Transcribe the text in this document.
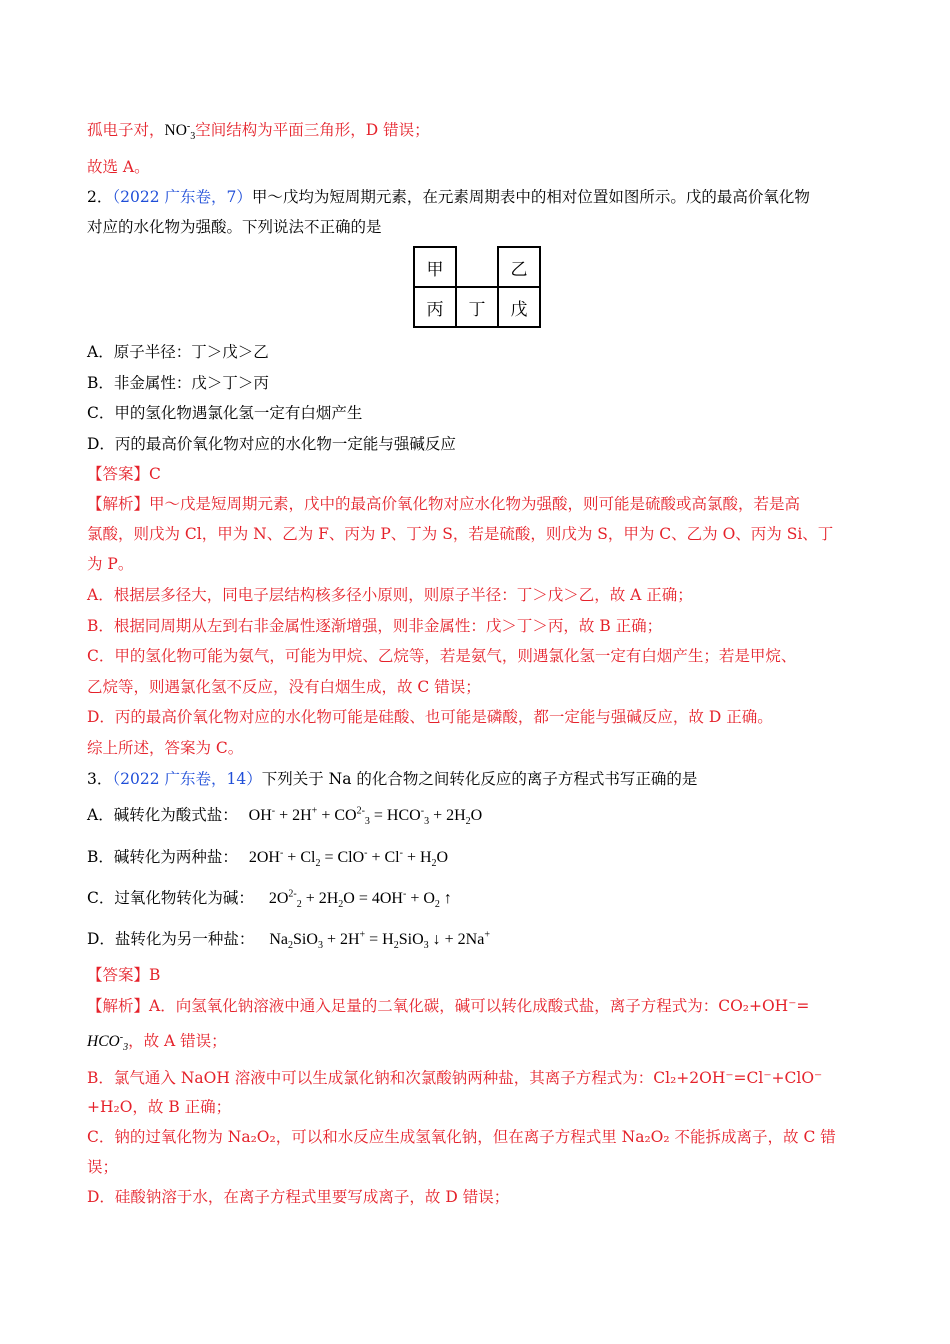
孤电子对，$NO^-_3$空间结构为平面三角形，D 错误；
故选 A。
2．（2022 广东卷，7）甲～戊均为短周期元素，在元素周期表中的相对位置如图所示。戊的最高价氧化物
对应的水化物为强酸。下列说法不正确的是
甲		乙
丙	丁	戊
A．原子半径：丁＞戊＞乙
B．非金属性：戊＞丁＞丙
C．甲的氢化物遇氯化氢一定有白烟产生
D．丙的最高价氧化物对应的水化物一定能与强碱反应
【答案】C
【解析】甲～戊是短周期元素，戊中的最高价氧化物对应水化物为强酸，则可能是硫酸或高氯酸，若是高
氯酸，则戊为 Cl，甲为 N、乙为 F、丙为 P、丁为 S，若是硫酸，则戊为 S，甲为 C、乙为 O、丙为 Si、丁
为 P。
A．根据层多径大，同电子层结构核多径小原则，则原子半径：丁＞戊＞乙，故 A 正确；
B．根据同周期从左到右非金属性逐渐增强，则非金属性：戊＞丁＞丙，故 B 正确；
C．甲的氢化物可能为氨气，可能为甲烷、乙烷等，若是氨气，则遇氯化氢一定有白烟产生；若是甲烷、
乙烷等，则遇氯化氢不反应，没有白烟生成，故 C 错误；
D．丙的最高价氧化物对应的水化物可能是硅酸、也可能是磷酸，都一定能与强碱反应，故 D 正确。
综上所述，答案为 C。
3．（2022 广东卷，14）下列关于 Na 的化合物之间转化反应的离子方程式书写正确的是
A．碱转化为酸式盐： $OH^- + 2H^+ + CO^{2-}_3 = HCO^-_3 + 2H_2O$
B．碱转化为两种盐： $2OH^- + Cl_2 = ClO^- + Cl^- + H_2O$
C．过氧化物转化为碱：  $2O^{2-}_2 + 2H_2O = 4OH^- + O_2$ ↑
D．盐转化为另一种盐：  $Na_2SiO_3 + 2H^+ = H_2SiO_3$ ↓ + 2Na+
【答案】B
【解析】A．向氢氧化钠溶液中通入足量的二氧化碳，碱可以转化成酸式盐，离子方程式为：CO₂+OH⁻=
$HCO^-_3$，故 A 错误；
B．氯气通入 NaOH 溶液中可以生成氯化钠和次氯酸钠两种盐，其离子方程式为：Cl₂+2OH⁻=Cl⁻+ClO⁻
+H₂O，故 B 正确；
C．钠的过氧化物为 Na₂O₂，可以和水反应生成氢氧化钠，但在离子方程式里 Na₂O₂ 不能拆成离子，故 C 错
误；
D．硅酸钠溶于水，在离子方程式里要写成离子，故 D 错误；
